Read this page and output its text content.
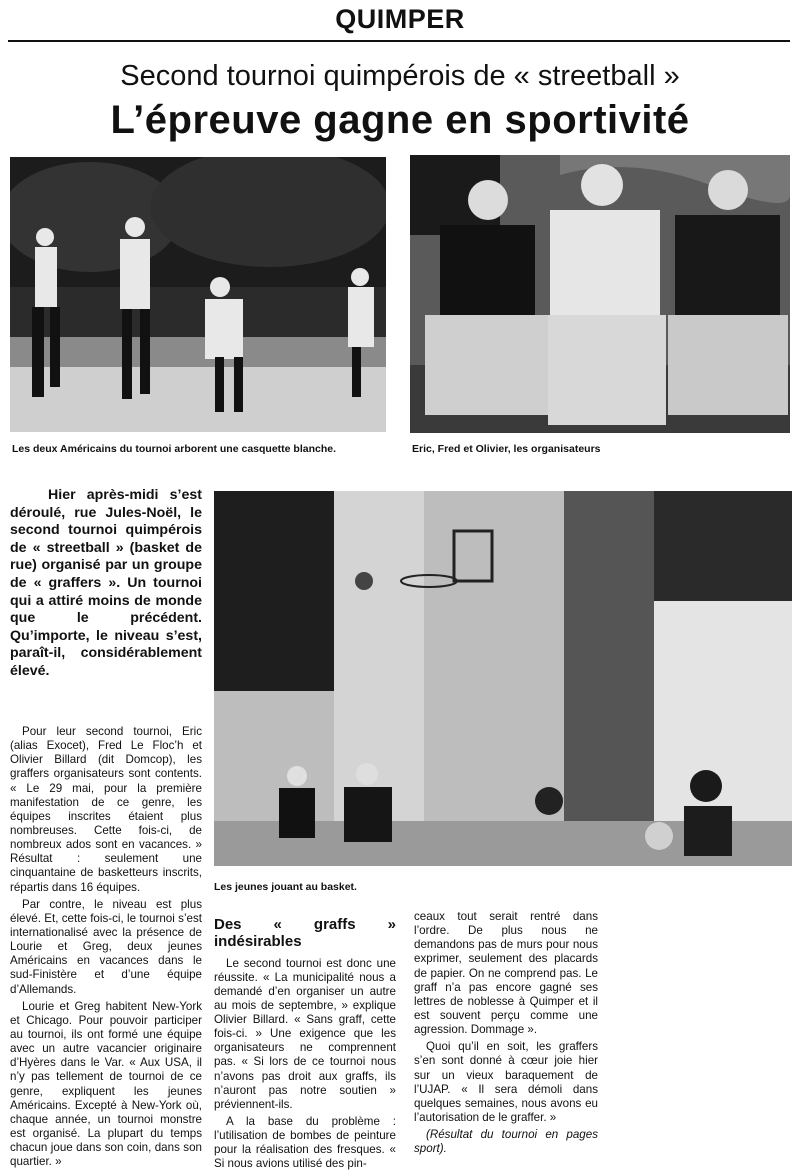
QUIMPER
Second tournoi quimpérois de « streetball »
L’épreuve gagne en sportivité
Les deux Américains du tournoi arborent une casquette blanche.	Eric, Fred et Olivier, les organisateurs
Les jeunes jouant au basket.

Hier après-midi s’est déroulé, rue Jules-Noël, le second tournoi quimpérois de « streetball » (basket de rue) organisé par un groupe de « graffers ». Un tournoi qui a attiré moins de monde que le précédent. Qu’importe, le niveau s’est, paraît-il, considérablement élevé.

Pour leur second tournoi, Eric (alias Exocet), Fred Le Floc’h et Olivier Billard (dit Domcop), les graffers organisateurs sont contents. « Le 29 mai, pour la première manifestation de ce genre, les équipes inscrites étaient plus nombreuses. Cette fois-ci, de nombreux ados sont en vacances. » Résultat : seulement une cinquantaine de basketteurs inscrits, répartis dans 16 équipes.

Par contre, le niveau est plus élevé. Et, cette fois-ci, le tournoi s’est internationalisé avec la présence de Lourie et Greg, deux jeunes Américains en vacances dans le sud-Finistère et d’une équipe d’Allemands.

Lourie et Greg habitent New-York et Chicago. Pour pouvoir participer au tournoi, ils ont formé une équipe avec un autre vacancier originaire d’Hyères dans le Var. « Aux USA, il n’y pas tellement de tournoi de ce genre, expliquent les jeunes Américains. Excepté à New-York où, chaque année, un tournoi monstre est organisé. La plupart du temps chacun joue dans son coin, dans son quartier. »

Des « graffs » indésirables

Le second tournoi est donc une réussite. « La municipalité nous a demandé d’en organiser un autre au mois de septembre, » explique Olivier Billard. « Sans graff, cette fois-ci. » Une exigence que les organisateurs ne comprennent pas. « Si lors de ce tournoi nous n’avons pas droit aux graffs, ils n’auront pas notre soutien » préviennent-ils.

A la base du problème : l’utilisation de bombes de peinture pour la réalisation des fresques. « Si nous avions utilisé des pin-

ceaux tout serait rentré dans l’ordre. De plus nous ne demandons pas de murs pour nous exprimer, seulement des placards de papier. On ne comprend pas. Le graff n’a pas encore gagné ses lettres de noblesse à Quimper et il est souvent perçu comme une agression. Dommage ».

Quoi qu’il en soit, les graffers s’en sont donné à cœur joie hier sur un vieux baraquement de l’UJAP. « Il sera démoli dans quelques semaines, nous avons eu l’autorisation de le graffer. »

(Résultat du tournoi en pages sport).
